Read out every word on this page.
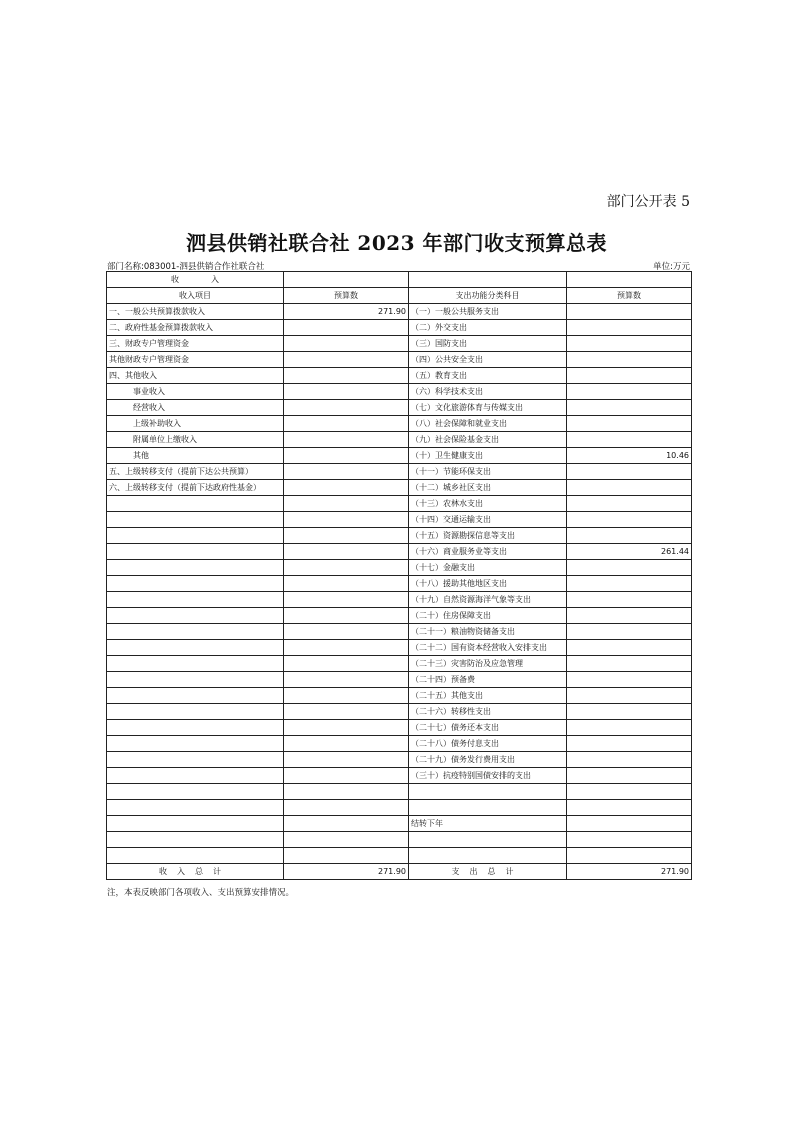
部门公开表 5
泗县供销社联合社 2023 年部门收支预算总表
部门名称:083001-泗县供销合作社联合社	单位:万元
收　　　　入			
收入项目	预算数	支出功能分类科目	预算数
一、一般公共预算拨款收入	271.90	（一）一般公共服务支出	
二、政府性基金预算拨款收入		（二）外交支出	
三、财政专户管理资金		（三）国防支出	
其他财政专户管理资金		（四）公共安全支出	
四、其他收入		（五）教育支出	
事业收入		（六）科学技术支出	
经营收入		（七）文化旅游体育与传媒支出	
上级补助收入		（八）社会保障和就业支出	
附属单位上缴收入		（九）社会保险基金支出	
其他		（十）卫生健康支出	10.46
五、上级转移支付（提前下达公共预算）		（十一）节能环保支出	
六、上级转移支付（提前下达政府性基金）		（十二）城乡社区支出	
		（十三）农林水支出	
		（十四）交通运输支出	
		（十五）资源勘探信息等支出	
		（十六）商业服务业等支出	261.44
		（十七）金融支出	
		（十八）援助其他地区支出	
		（十九）自然资源海洋气象等支出	
		（二十）住房保障支出	
		（二十一）粮油物资储备支出	
		（二十二）国有资本经营收入安排支出	
		（二十三）灾害防治及应急管理	
		（二十四）预备费	
		（二十五）其他支出	
		（二十六）转移性支出	
		（二十七）债务还本支出	
		（二十八）债务付息支出	
		（二十九）债务发行费用支出	
		（三十）抗疫特别国债安排的支出	

		结转下年	

收入总计	271.90	支出总计	271.90
注，本表反映部门各项收入、支出预算安排情况。
